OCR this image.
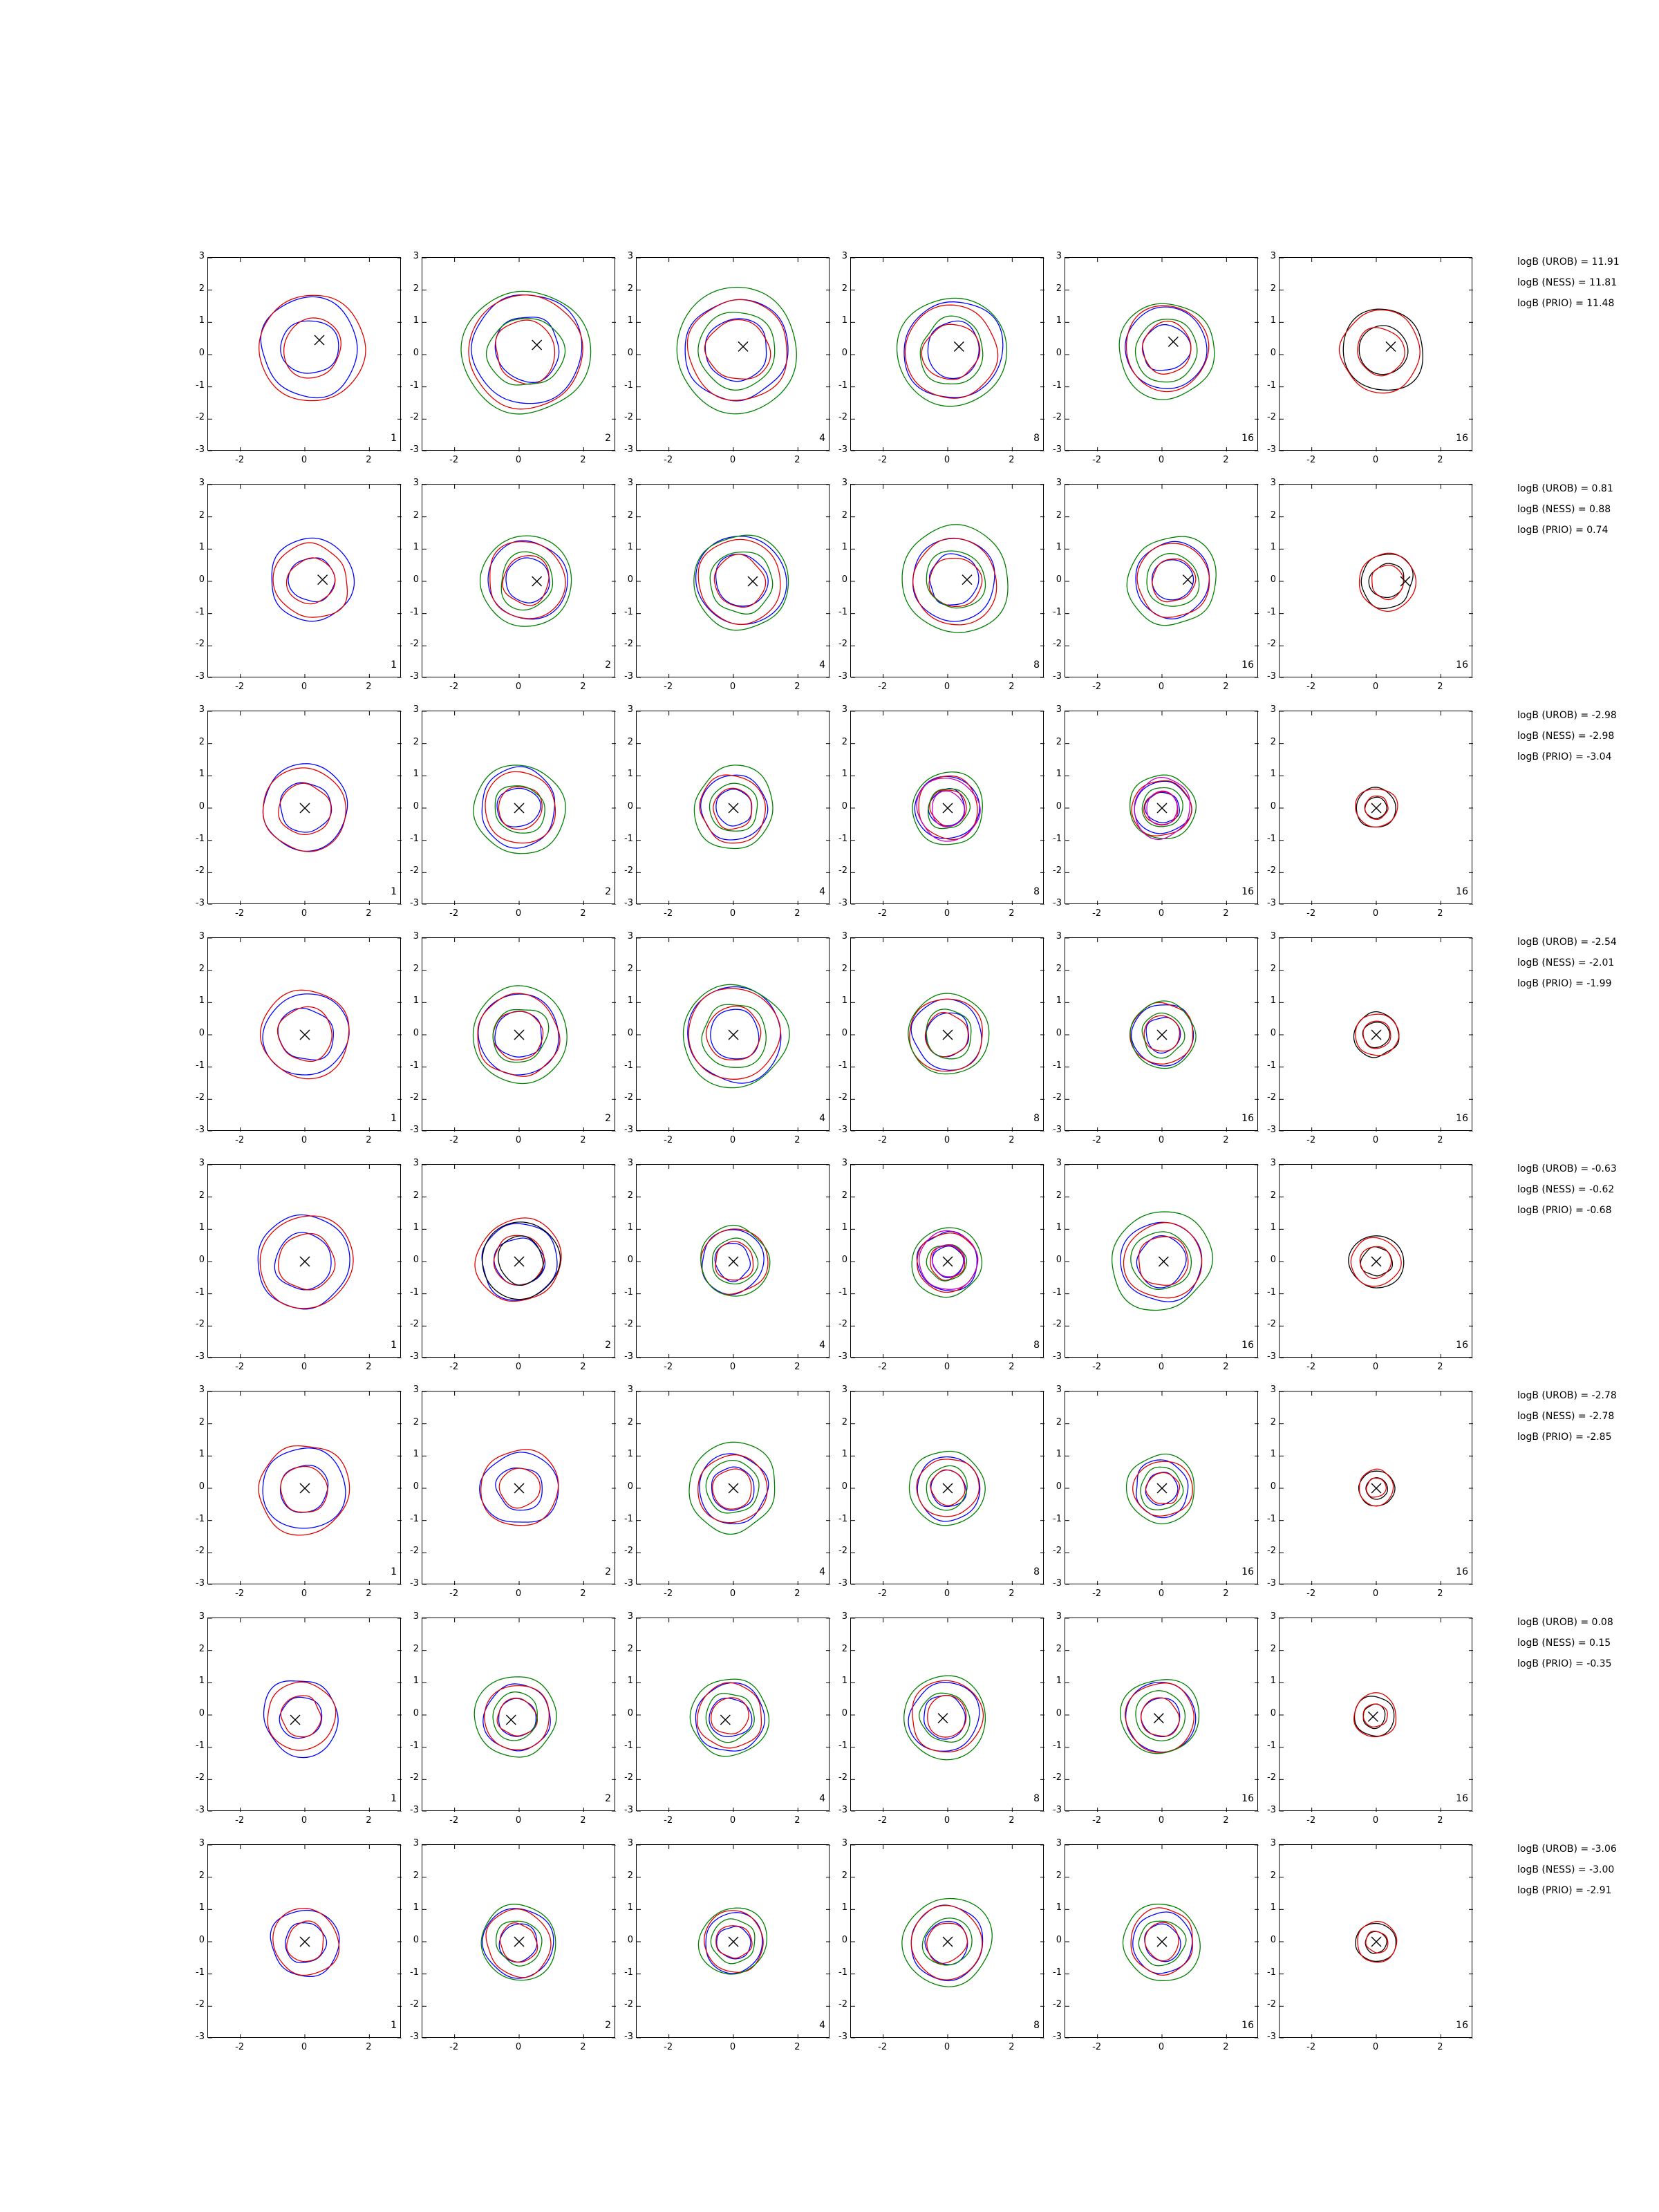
-3
-2
-1
0
1
2
3
-2	0	2
1
-3
-2
-1
0
1
2
3
-2	0	2
2
-3
-2
-1
0
1
2
3
-2	0	2
4
-3
-2
-1
0
1
2
3
-2	0	2
8
-3
-2
-1
0
1
2
3
-2	0	2
16
-3
-2
-1
0
1
2
3
-2	0	2
16
logB (UROB) = 11.91
logB (NESS) = 11.81
logB (PRIO) = 11.48
-3
-2
-1
0
1
2
3
-2	0	2
1
-3
-2
-1
0
1
2
3
-2	0	2
2
-3
-2
-1
0
1
2
3
-2	0	2
4
-3
-2
-1
0
1
2
3
-2	0	2
8
-3
-2
-1
0
1
2
3
-2	0	2
16
-3
-2
-1
0
1
2
3
-2	0	2
16
logB (UROB) = 0.81
logB (NESS) = 0.88
logB (PRIO) = 0.74
-3
-2
-1
0
1
2
3
-2	0	2
1
-3
-2
-1
0
1
2
3
-2	0	2
2
-3
-2
-1
0
1
2
3
-2	0	2
4
-3
-2
-1
0
1
2
3
-2	0	2
8
-3
-2
-1
0
1
2
3
-2	0	2
16
-3
-2
-1
0
1
2
3
-2	0	2
16
logB (UROB) = -2.98
logB (NESS) = -2.98
logB (PRIO) = -3.04
-3
-2
-1
0
1
2
3
-2	0	2
1
-3
-2
-1
0
1
2
3
-2	0	2
2
-3
-2
-1
0
1
2
3
-2	0	2
4
-3
-2
-1
0
1
2
3
-2	0	2
8
-3
-2
-1
0
1
2
3
-2	0	2
16
-3
-2
-1
0
1
2
3
-2	0	2
16
logB (UROB) = -2.54
logB (NESS) = -2.01
logB (PRIO) = -1.99
-3
-2
-1
0
1
2
3
-2	0	2
1
-3
-2
-1
0
1
2
3
-2	0	2
2
-3
-2
-1
0
1
2
3
-2	0	2
4
-3
-2
-1
0
1
2
3
-2	0	2
8
-3
-2
-1
0
1
2
3
-2	0	2
16
-3
-2
-1
0
1
2
3
-2	0	2
16
logB (UROB) = -0.63
logB (NESS) = -0.62
logB (PRIO) = -0.68
-3
-2
-1
0
1
2
3
-2	0	2
1
-3
-2
-1
0
1
2
3
-2	0	2
2
-3
-2
-1
0
1
2
3
-2	0	2
4
-3
-2
-1
0
1
2
3
-2	0	2
8
-3
-2
-1
0
1
2
3
-2	0	2
16
-3
-2
-1
0
1
2
3
-2	0	2
16
logB (UROB) = -2.78
logB (NESS) = -2.78
logB (PRIO) = -2.85
-3
-2
-1
0
1
2
3
-2	0	2
1
-3
-2
-1
0
1
2
3
-2	0	2
2
-3
-2
-1
0
1
2
3
-2	0	2
4
-3
-2
-1
0
1
2
3
-2	0	2
8
-3
-2
-1
0
1
2
3
-2	0	2
16
-3
-2
-1
0
1
2
3
-2	0	2
16
logB (UROB) = 0.08
logB (NESS) = 0.15
logB (PRIO) = -0.35
-3
-2
-1
0
1
2
3
-2	0	2
1
-3
-2
-1
0
1
2
3
-2	0	2
2
-3
-2
-1
0
1
2
3
-2	0	2
4
-3
-2
-1
0
1
2
3
-2	0	2
8
-3
-2
-1
0
1
2
3
-2	0	2
16
-3
-2
-1
0
1
2
3
-2	0	2
16
logB (UROB) = -3.06
logB (NESS) = -3.00
logB (PRIO) = -2.91
